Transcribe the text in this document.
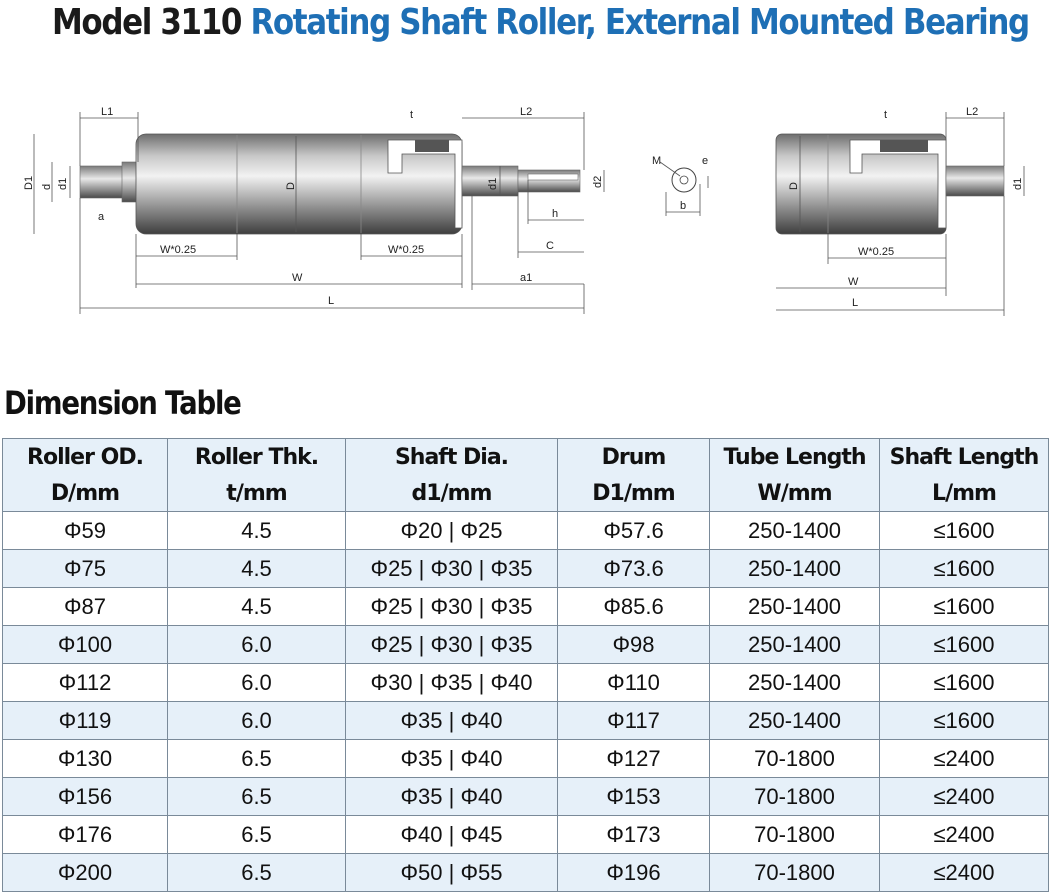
Model 3110 Rotating Shaft Roller, External Mounted Bearing
L1	L2
D1 d d1
a
D
t
d1	d2
h
C
a1
W*0.25	W*0.25
W
L
M
b
e
L2
t
D	d1
W*0.25
W
L
Dimension Table
Roller OD.	Roller Thk.	Shaft Dia.	Drum	Tube Length	Shaft Length
D/mm	t/mm	d1/mm	D1/mm	W/mm	L/mm
Φ59	4.5	Φ20 | Φ25	Φ57.6	250-1400	≤1600
Φ75	4.5	Φ25 | Φ30 | Φ35	Φ73.6	250-1400	≤1600
Φ87	4.5	Φ25 | Φ30 | Φ35	Φ85.6	250-1400	≤1600
Φ100	6.0	Φ25 | Φ30 | Φ35	Φ98	250-1400	≤1600
Φ112	6.0	Φ30 | Φ35 | Φ40	Φ110	250-1400	≤1600
Φ119	6.0	Φ35 | Φ40	Φ117	250-1400	≤1600
Φ130	6.5	Φ35 | Φ40	Φ127	70-1800	≤2400
Φ156	6.5	Φ35 | Φ40	Φ153	70-1800	≤2400
Φ176	6.5	Φ40 | Φ45	Φ173	70-1800	≤2400
Φ200	6.5	Φ50 | Φ55	Φ196	70-1800	≤2400
